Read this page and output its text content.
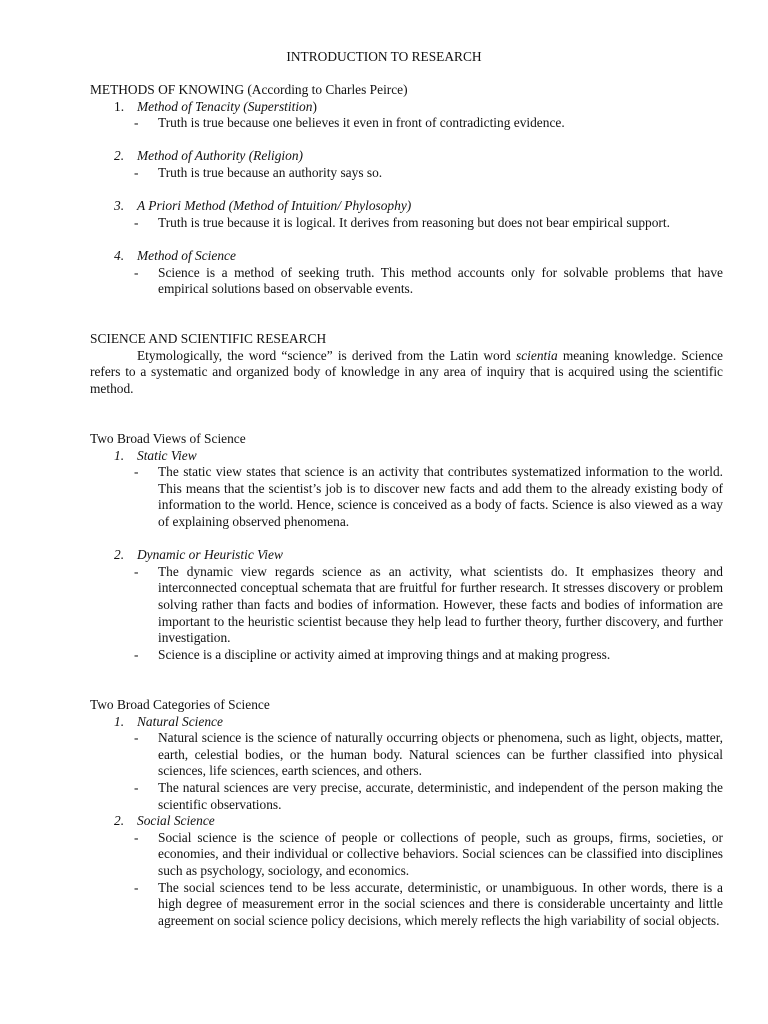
INTRODUCTION TO RESEARCH
METHODS OF KNOWING (According to Charles Peirce)
1. Method of Tenacity (Superstition)
- Truth is true because one believes it even in front of contradicting evidence.
2. Method of Authority (Religion)
- Truth is true because an authority says so.
3. A Priori Method (Method of Intuition/ Phylosophy)
- Truth is true because it is logical. It derives from reasoning but does not bear empirical support.
4. Method of Science
- Science is a method of seeking truth. This method accounts only for solvable problems that have empirical solutions based on observable events.
SCIENCE AND SCIENTIFIC RESEARCH
Etymologically, the word “science” is derived from the Latin word scientia meaning knowledge. Science refers to a systematic and organized body of knowledge in any area of inquiry that is acquired using the scientific method.
Two Broad Views of Science
1. Static View
- The static view states that science is an activity that contributes systematized information to the world. This means that the scientist’s job is to discover new facts and add them to the already existing body of information to the world. Hence, science is conceived as a body of facts. Science is also viewed as a way of explaining observed phenomena.
2. Dynamic or Heuristic View
- The dynamic view regards science as an activity, what scientists do. It emphasizes theory and interconnected conceptual schemata that are fruitful for further research. It stresses discovery or problem solving rather than facts and bodies of information. However, these facts and bodies of information are important to the heuristic scientist because they help lead to further theory, further discovery, and further investigation.
- Science is a discipline or activity aimed at improving things and at making progress.
Two Broad Categories of Science
1. Natural Science
- Natural science is the science of naturally occurring objects or phenomena, such as light, objects, matter, earth, celestial bodies, or the human body. Natural sciences can be further classified into physical sciences, life sciences, earth sciences, and others.
- The natural sciences are very precise, accurate, deterministic, and independent of the person making the scientific observations.
2. Social Science
- Social science is the science of people or collections of people, such as groups, firms, societies, or economies, and their individual or collective behaviors. Social sciences can be classified into disciplines such as psychology, sociology, and economics.
- The social sciences tend to be less accurate, deterministic, or unambiguous. In other words, there is a high degree of measurement error in the social sciences and there is considerable uncertainty and little agreement on social science policy decisions, which merely reflects the high variability of social objects.
